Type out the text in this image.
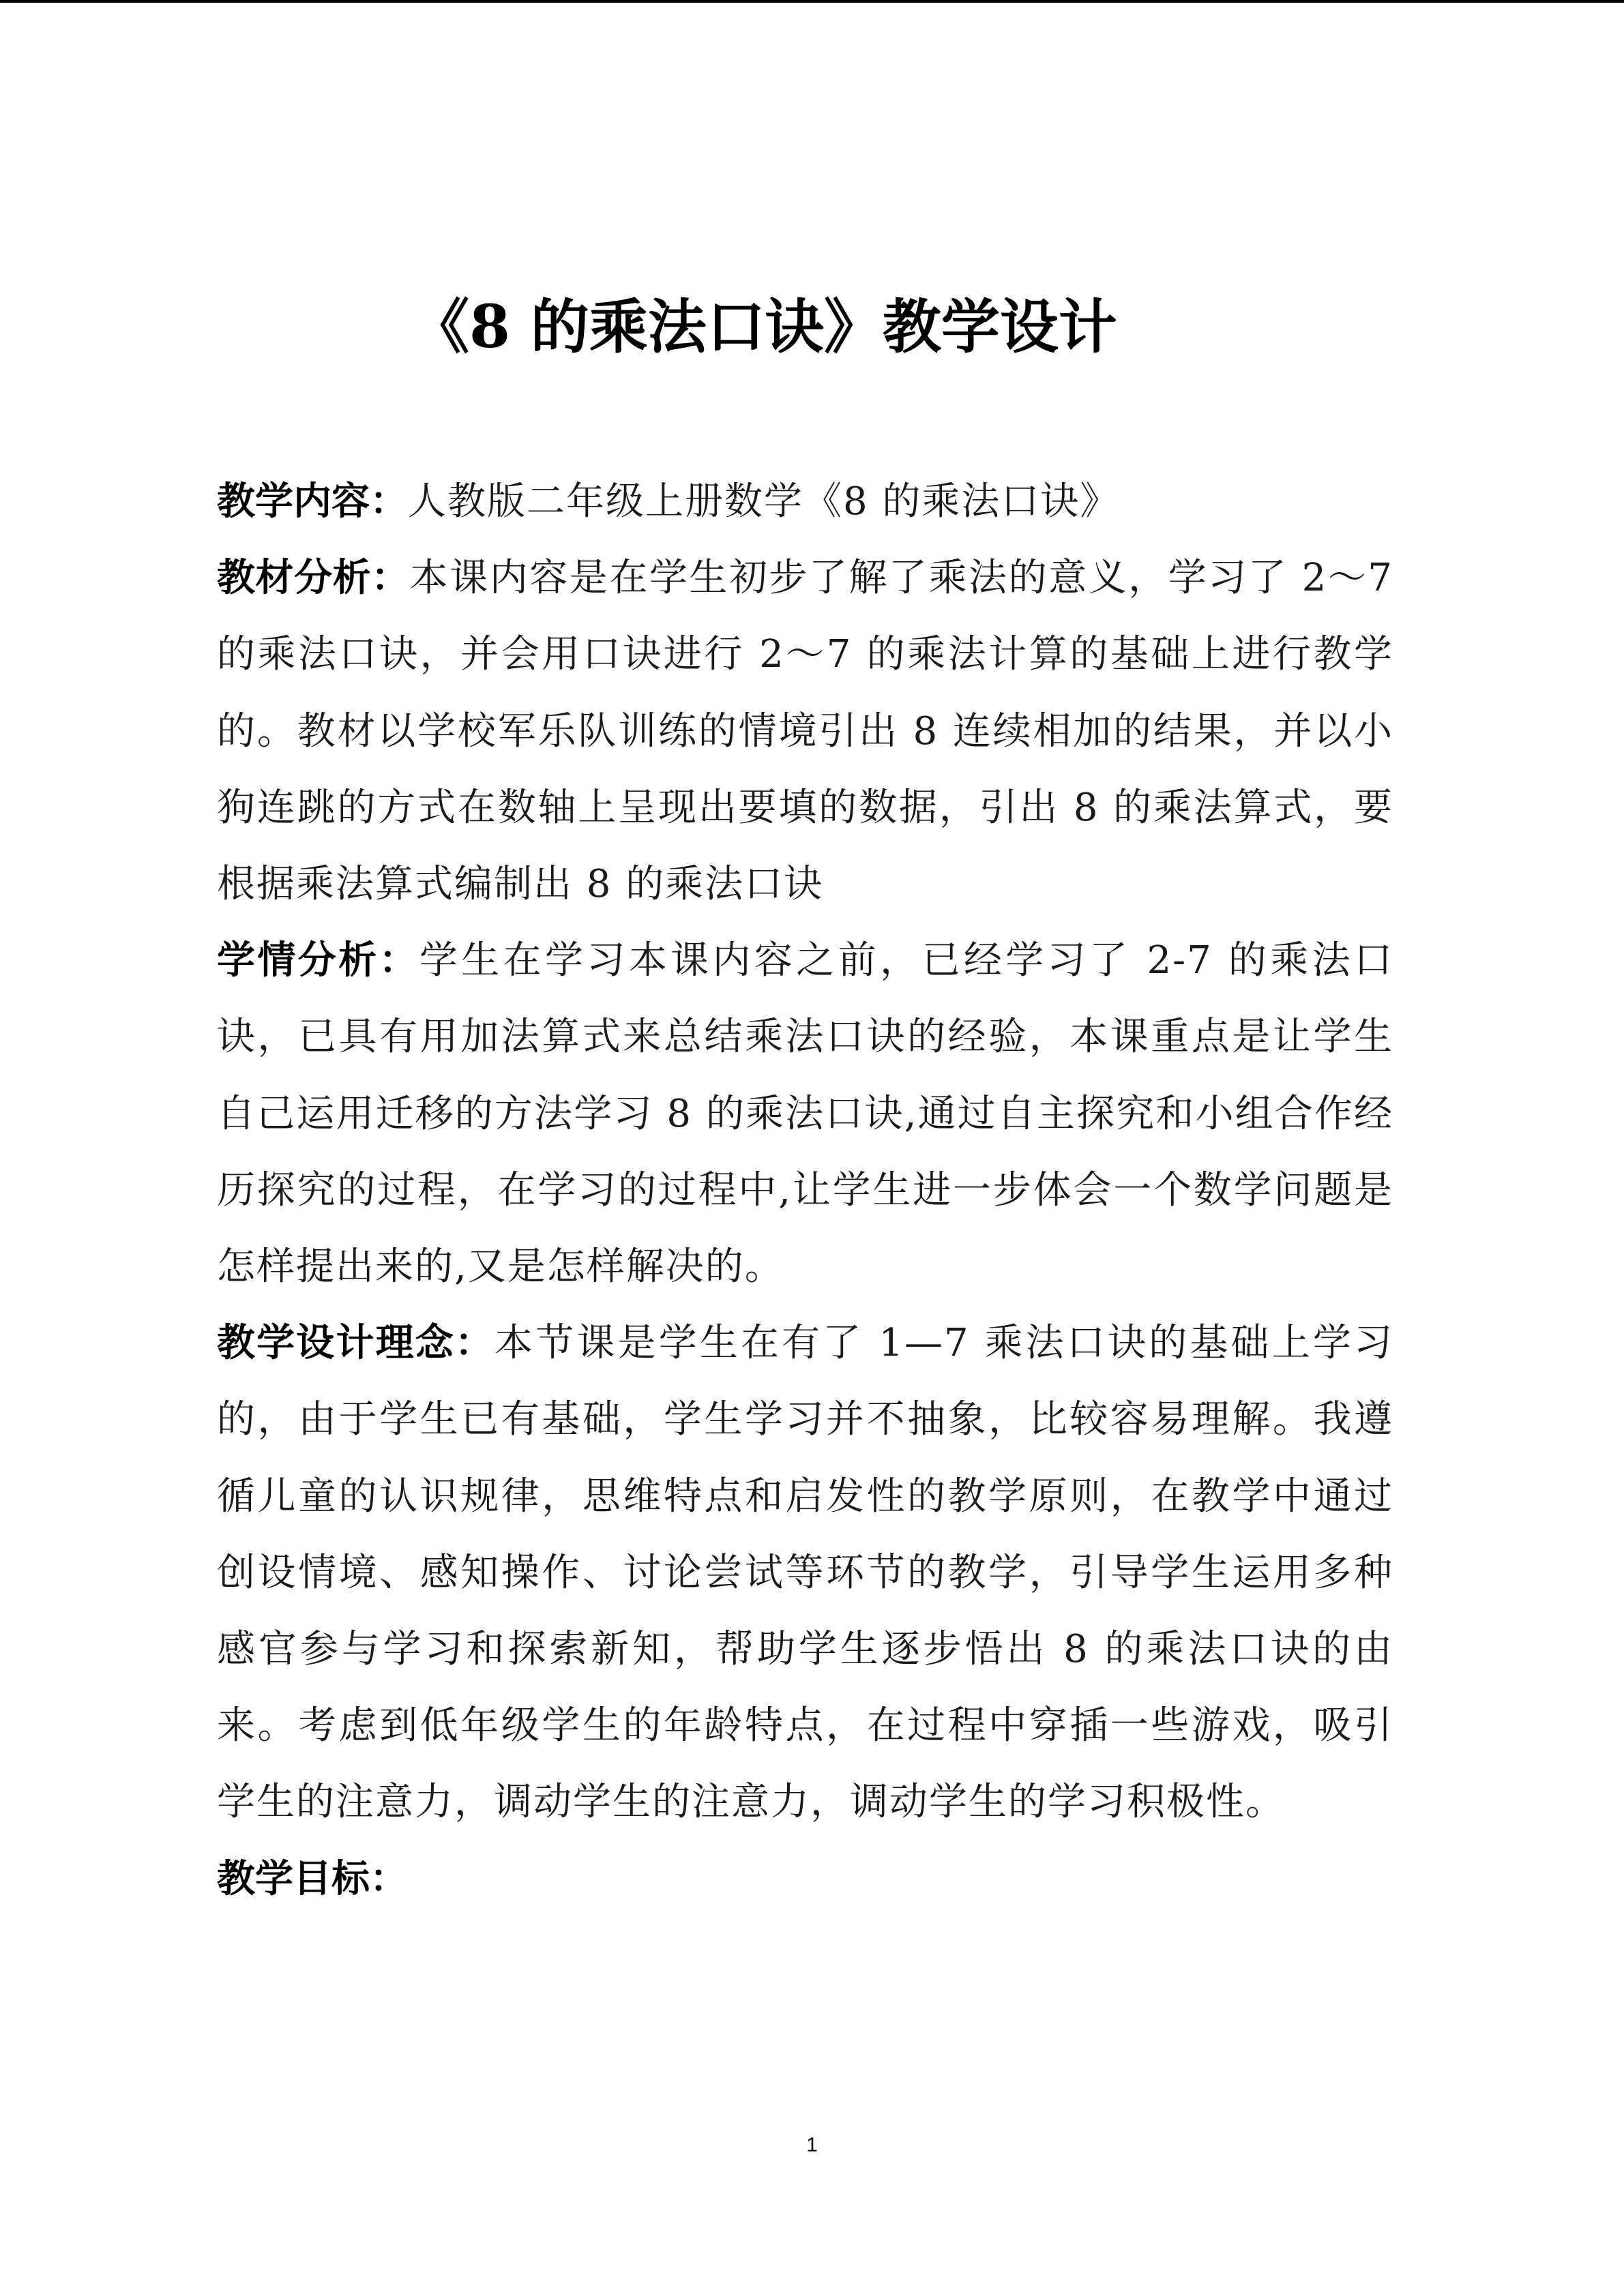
《8 的乘法口诀》教学设计

教学内容：人教版二年级上册数学《8 的乘法口诀》

教材分析：本课内容是在学生初步了解了乘法的意义，学习了 2～7 的乘法口诀，并会用口诀进行 2～7 的乘法计算的基础上进行教学的。教材以学校军乐队训练的情境引出 8 连续相加的结果，并以小狗连跳的方式在数轴上呈现出要填的数据，引出 8 的乘法算式，要根据乘法算式编制出 8 的乘法口诀

学情分析：学生在学习本课内容之前，已经学习了 2-7 的乘法口诀，已具有用加法算式来总结乘法口诀的经验，本课重点是让学生自己运用迁移的方法学习 8 的乘法口诀,通过自主探究和小组合作经历探究的过程，在学习的过程中,让学生进一步体会一个数学问题是怎样提出来的,又是怎样解决的。

教学设计理念：本节课是学生在有了 1—7 乘法口诀的基础上学习的，由于学生已有基础，学生学习并不抽象，比较容易理解。我遵循儿童的认识规律，思维特点和启发性的教学原则，在教学中通过创设情境、感知操作、讨论尝试等环节的教学，引导学生运用多种感官参与学习和探索新知，帮助学生逐步悟出 8 的乘法口诀的由来。考虑到低年级学生的年龄特点，在过程中穿插一些游戏，吸引学生的注意力，调动学生的注意力，调动学生的学习积极性。

教学目标：

1
